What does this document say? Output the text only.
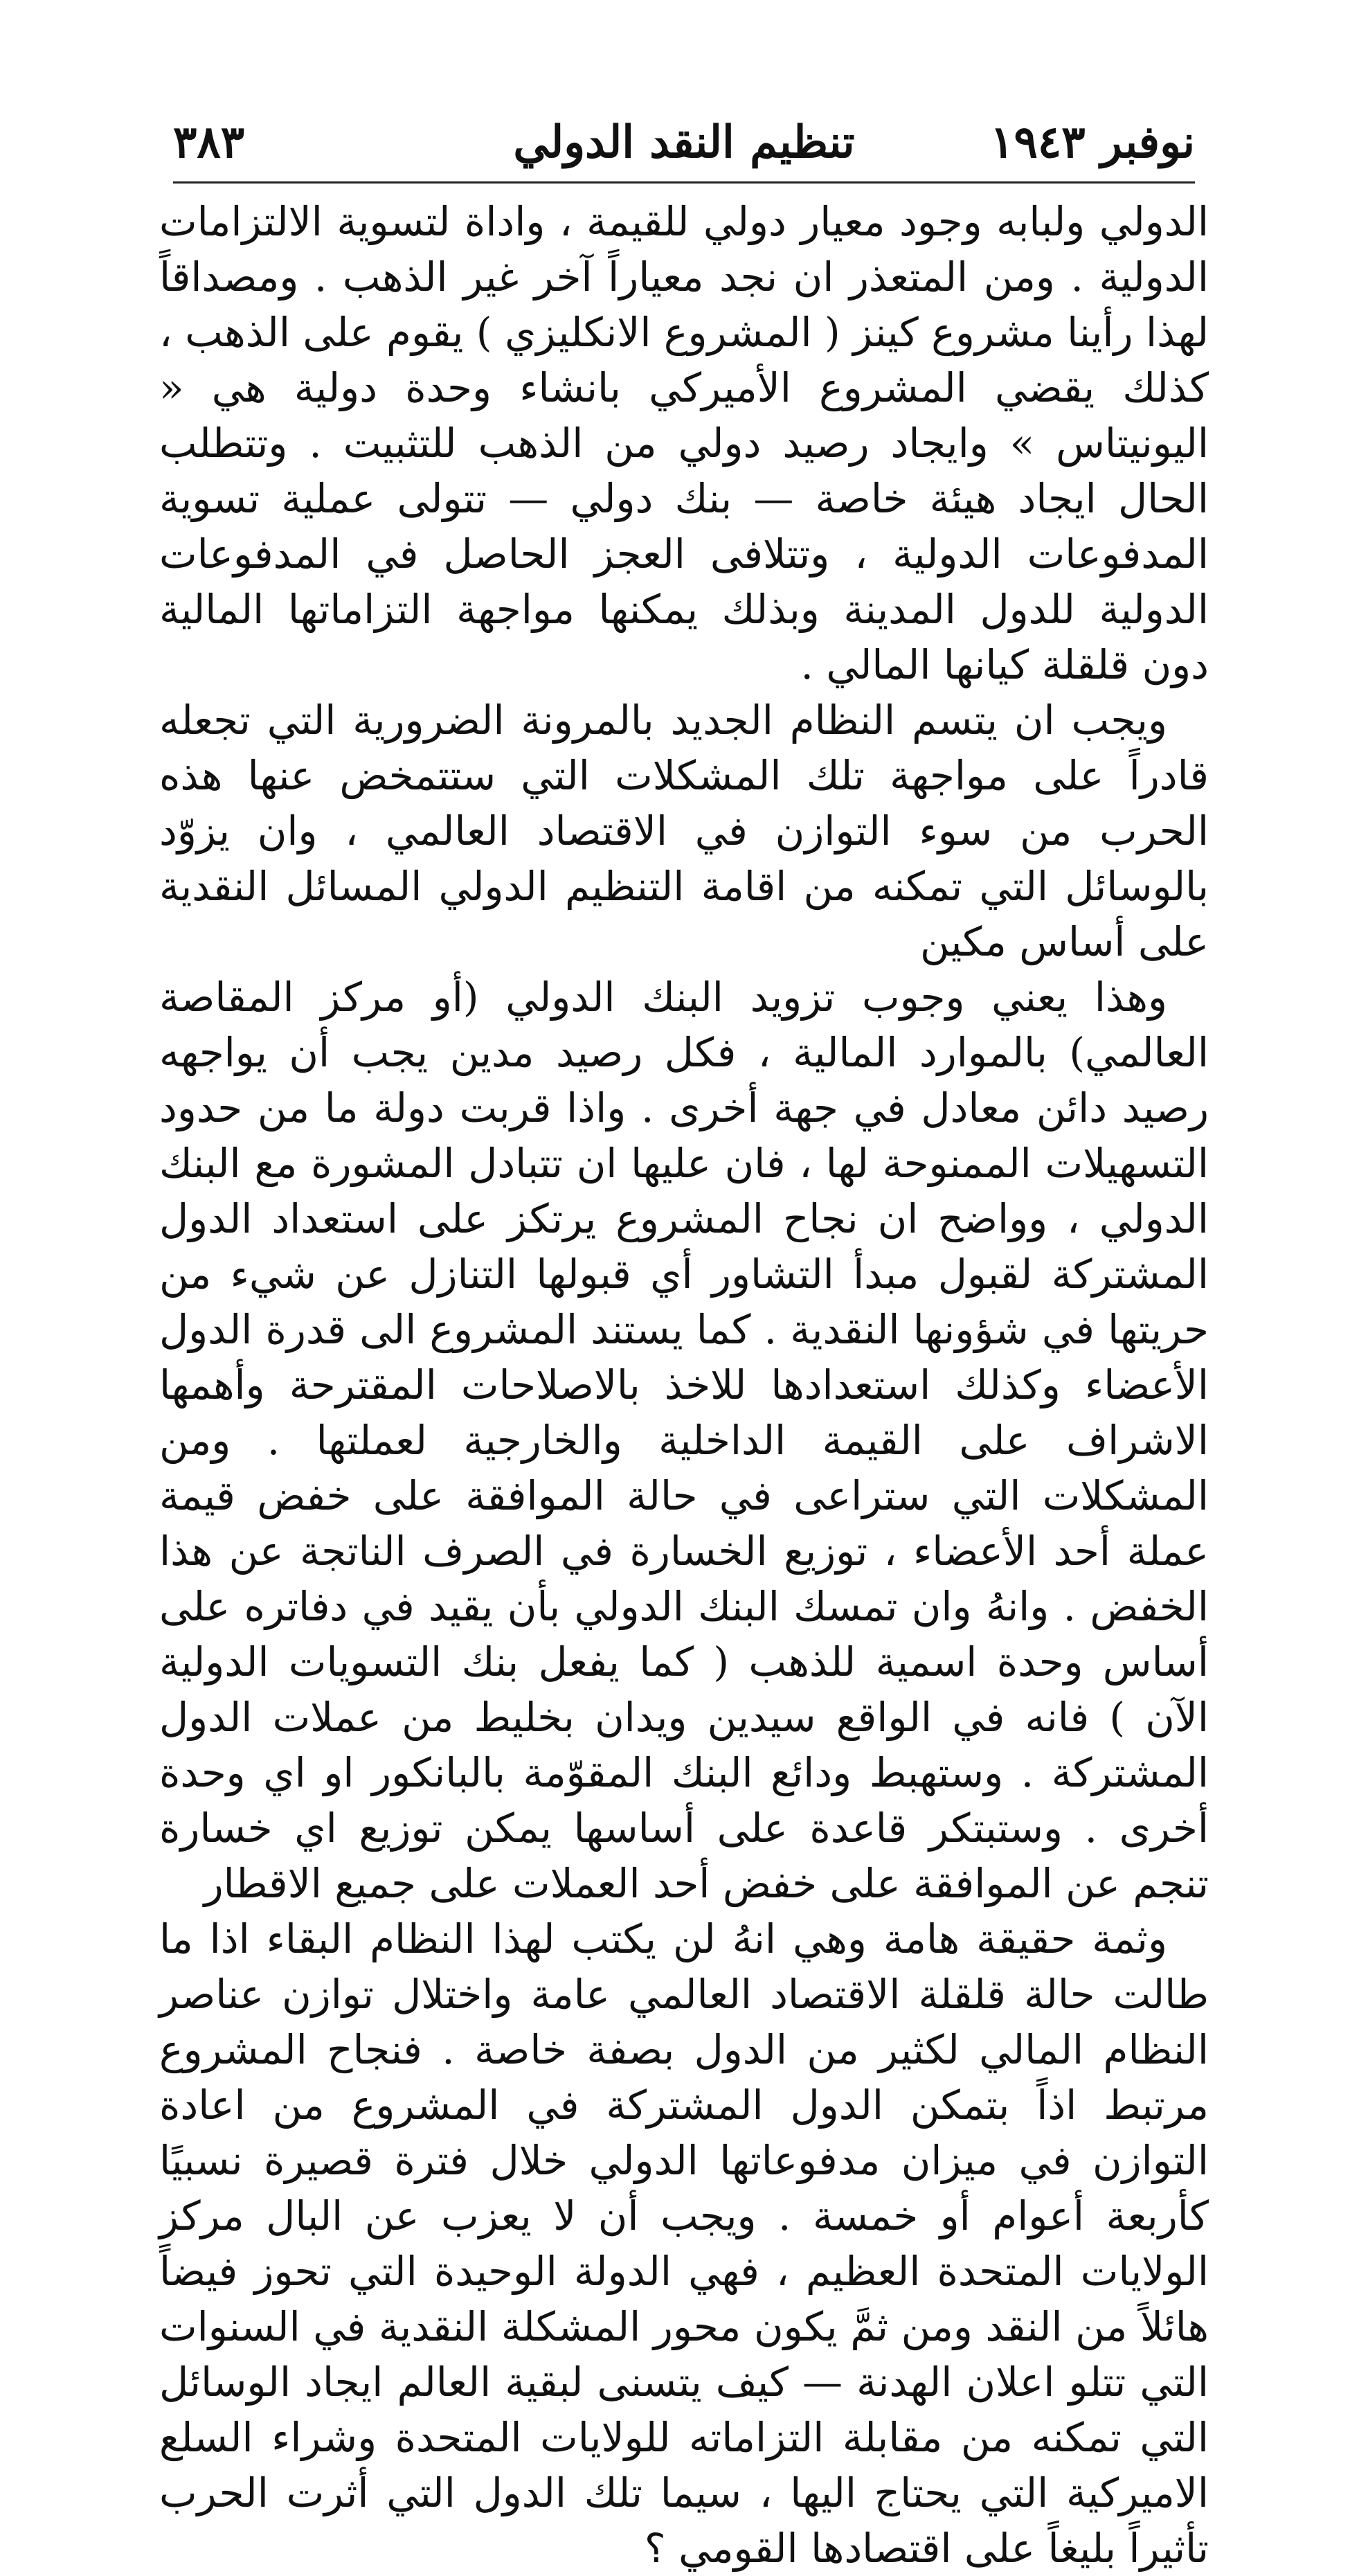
نوفبر ١٩٤٣
تنظيم النقد الدولي
٣٨٣

الدولي ولبابه وجود معيار دولي للقيمة ، واداة لتسوية الالتزامات الدولية . ومن المتعذر ان نجد معياراً آخر غير الذهب . ومصداقاً لهذا رأينا مشروع كينز ( المشروع الانكليزي ) يقوم على الذهب ، كذلك يقضي المشروع الأميركي بانشاء وحدة دولية هي « اليونيتاس » وايجاد رصيد دولي من الذهب للتثبيت . وتتطلب الحال ايجاد هيئة خاصة — بنك دولي — تتولى عملية تسوية المدفوعات الدولية ، وتتلافى العجز الحاصل في المدفوعات الدولية للدول المدينة وبذلك يمكنها مواجهة التزاماتها المالية دون قلقلة كيانها المالي .

ويجب ان يتسم النظام الجديد بالمرونة الضرورية التي تجعله قادراً على مواجهة تلك المشكلات التي ستتمخض عنها هذه الحرب من سوء التوازن في الاقتصاد العالمي ، وان يزوّد بالوسائل التي تمكنه من اقامة التنظيم الدولي المسائل النقدية على أساس مكين

وهذا يعني وجوب تزويد البنك الدولي (أو مركز المقاصة العالمي) بالموارد المالية ، فكل رصيد مدين يجب أن يواجهه رصيد دائن معادل في جهة أخرى . واذا قربت دولة ما من حدود التسهيلات الممنوحة لها ، فان عليها ان تتبادل المشورة مع البنك الدولي ، وواضح ان نجاح المشروع يرتكز على استعداد الدول المشتركة لقبول مبدأ التشاور أي قبولها التنازل عن شيء من حريتها في شؤونها النقدية . كما يستند المشروع الى قدرة الدول الأعضاء وكذلك استعدادها للاخذ بالاصلاحات المقترحة وأهمها الاشراف على القيمة الداخلية والخارجية لعملتها . ومن المشكلات التي ستراعى في حالة الموافقة على خفض قيمة عملة أحد الأعضاء ، توزيع الخسارة في الصرف الناتجة عن هذا الخفض . وانهُ وان تمسك البنك الدولي بأن يقيد في دفاتره على أساس وحدة اسمية للذهب ( كما يفعل بنك التسويات الدولية الآن ) فانه في الواقع سيدين ويدان بخليط من عملات الدول المشتركة . وستهبط ودائع البنك المقوّمة بالبانكور او اي وحدة أخرى . وستبتكر قاعدة على أساسها يمكن توزيع اي خسارة تنجم عن الموافقة على خفض أحد العملات على جميع الاقطار

وثمة حقيقة هامة وهي انهُ لن يكتب لهذا النظام البقاء اذا ما طالت حالة قلقلة الاقتصاد العالمي عامة واختلال توازن عناصر النظام المالي لكثير من الدول بصفة خاصة . فنجاح المشروع مرتبط اذاً بتمكن الدول المشتركة في المشروع من اعادة التوازن في ميزان مدفوعاتها الدولي خلال فترة قصيرة نسبيًا كأربعة أعوام أو خمسة . ويجب أن لا يعزب عن البال مركز الولايات المتحدة العظيم ، فهي الدولة الوحيدة التي تحوز فيضاً هائلاً من النقد ومن ثمَّ يكون محور المشكلة النقدية في السنوات التي تتلو اعلان الهدنة — كيف يتسنى لبقية العالم ايجاد الوسائل التي تمكنه من مقابلة التزاماته للولايات المتحدة وشراء السلع الاميركية التي يحتاج اليها ، سيما تلك الدول التي أثرت الحرب تأثيراً بليغاً على اقتصادها القومي ؟
